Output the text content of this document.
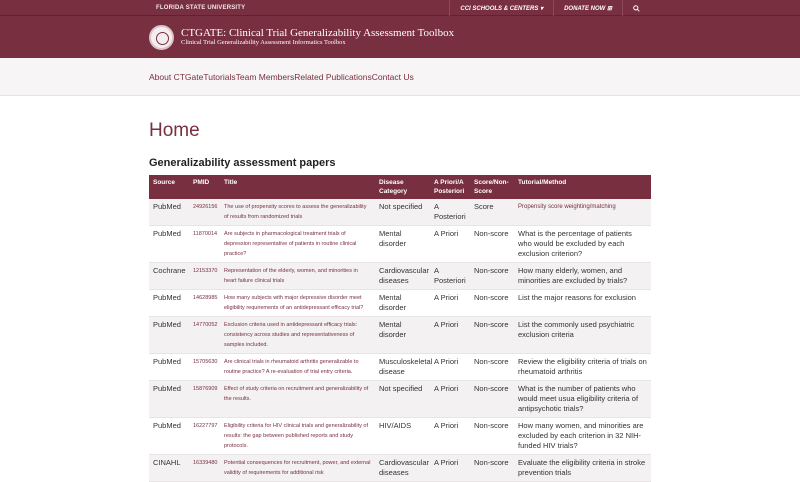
FLORIDA STATE UNIVERSITY	CCI SCHOOLS & CENTERS ▾	DONATE NOW ⊞
CTGATE: Clinical Trial Generalizability Assessment Toolbox
Clinical Trial Generalizability Assessment Informatics Toolbox
About CTGate Tutorials Team Members Related Publications Contact Us
Home
Generalizability assessment papers
Source	PMID	Title	Disease Category	A Priori/A Posteriori	Score/Non-Score	Tutorial/Method
PubMed	24926156	The use of propensity scores to assess the generalizability of results from randomized trials	Not specified	A Posteriori	Score	Propensity score weighting/matching
PubMed	11870014	Are subjects in pharmacological treatment trials of depression representative of patients in routine clinical practice?	Mental disorder	A Priori	Non-score	What is the percentage of patients who would be excluded by each exclusion criterion?
Cochrane	12153370	Representation of the elderly, women, and minorities in heart failure clinical trials	Cardiovascular diseases	A Posteriori	Non-score	How many elderly, women, and minorities are excluded by trials?
PubMed	14628985	How many subjects with major depressive disorder meet eligibility requirements of an antidepressant efficacy trial?	Mental disorder	A Priori	Non-score	List the major reasons for exclusion
PubMed	14770052	Exclusion criteria used in antidepressant efficacy trials: consistency across studies and representativeness of samples included.	Mental disorder	A Priori	Non-score	List the commonly used psychiatric exclusion criteria
PubMed	15705630	Are clinical trials in rheumatoid arthritis generalizable to routine practice? A re-evaluation of trial entry criteria.	Musculoskeletal disease	A Priori	Non-score	Review the eligibility criteria of trials on rheumatoid arthritis
PubMed	15876909	Effect of study criteria on recruitment and generalizability of the results.	Not specified	A Priori	Non-score	What is the number of patients who would meet usua eligibility criteria of antipsychotic trials?
PubMed	16227797	Eligibility criteria for HIV clinical trials and generalizability of results: the gap between published reports and study protocols.	HIV/AIDS	A Priori	Non-score	How many women, and minorities are excluded by each criterion in 32 NIH-funded HIV trials?
CINAHL	16339480	Potential consequences for recruitment, power, and external validity of requirements for additional risk	Cardiovascular diseases	A Priori	Non-score	Evaluate the eligibility criteria in stroke prevention trials
